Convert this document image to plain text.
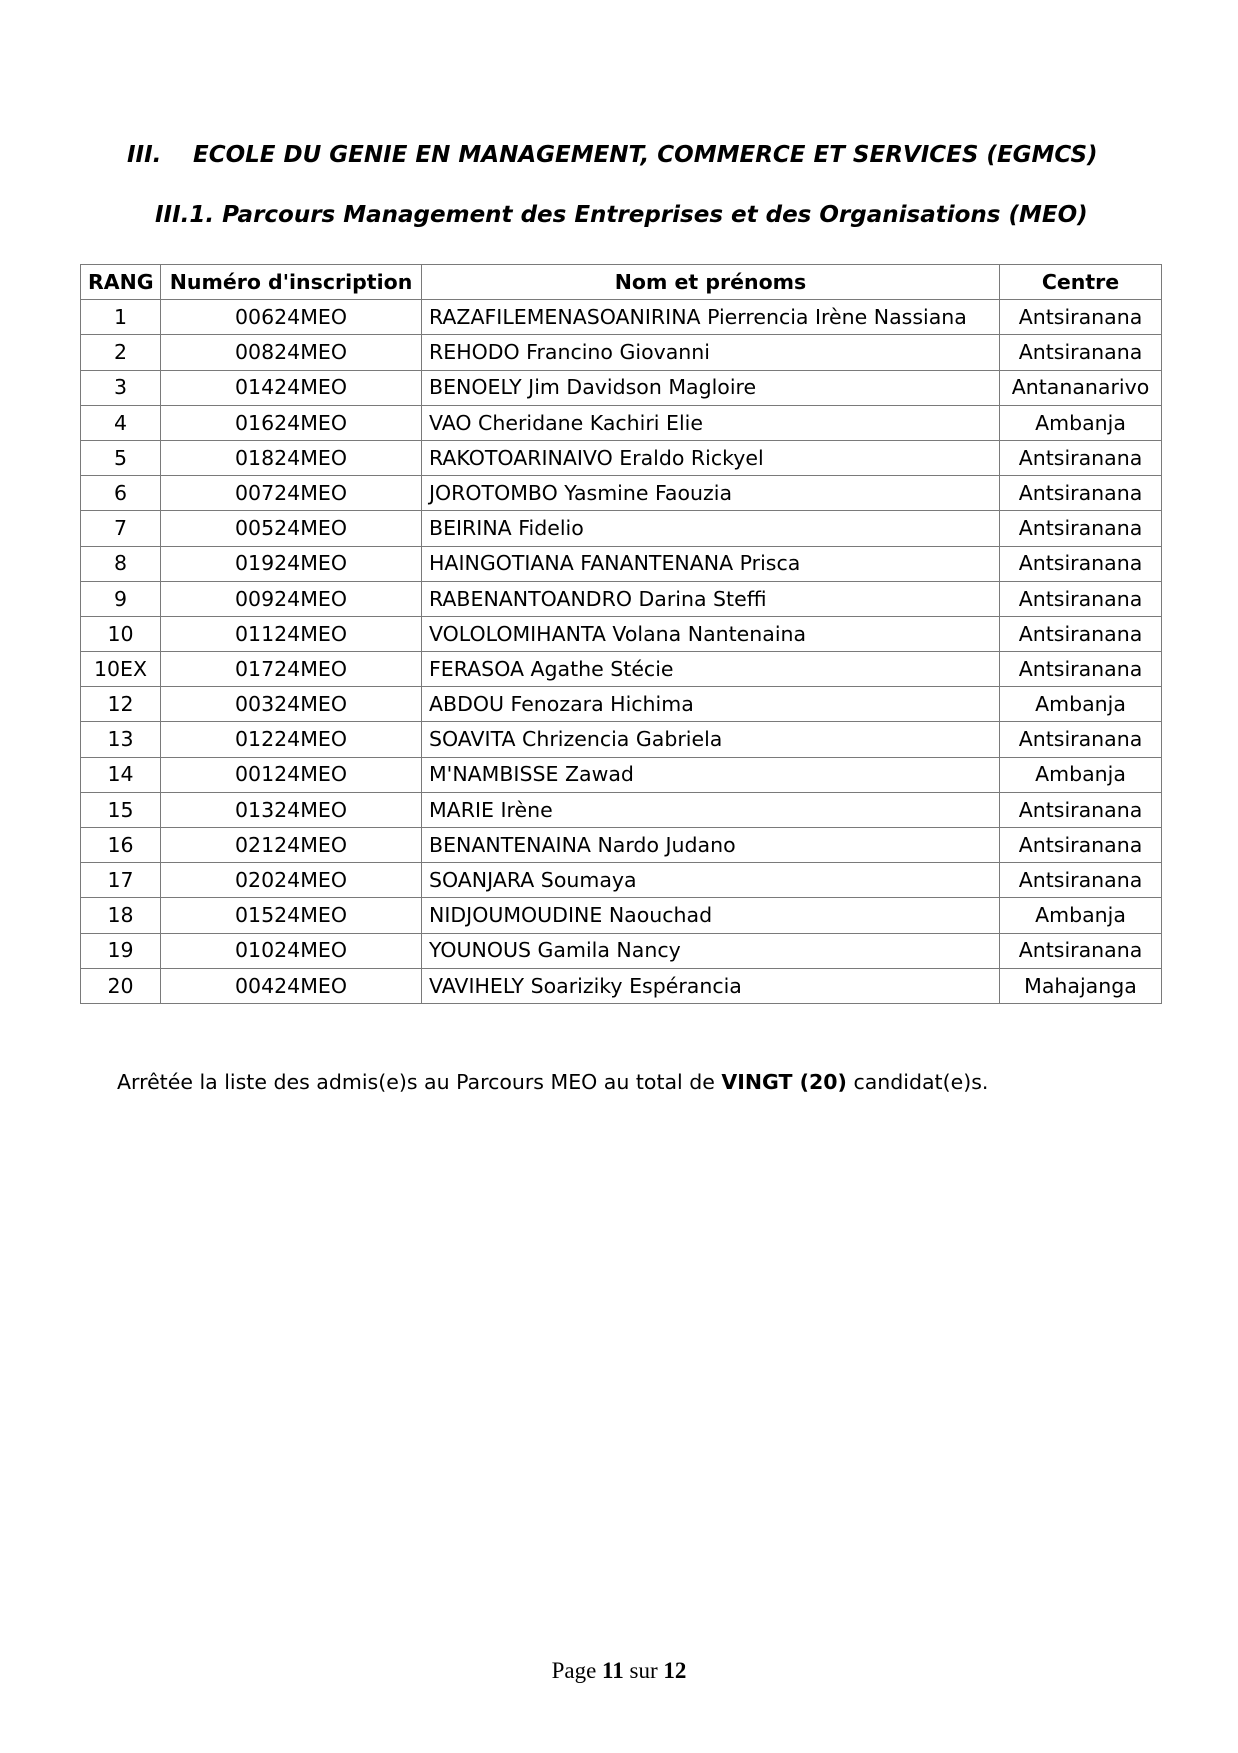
III. ECOLE DU GENIE EN MANAGEMENT, COMMERCE ET SERVICES (EGMCS)
III.1. Parcours Management des Entreprises et des Organisations (MEO)
RANG	Numéro d'inscription	Nom et prénoms	Centre
1	00624MEO	RAZAFILEMENASOANIRINA Pierrencia Irène Nassiana	Antsiranana
2	00824MEO	REHODO Francino Giovanni	Antsiranana
3	01424MEO	BENOELY Jim Davidson Magloire	Antananarivo
4	01624MEO	VAO Cheridane Kachiri Elie	Ambanja
5	01824MEO	RAKOTOARINAIVO Eraldo Rickyel	Antsiranana
6	00724MEO	JOROTOMBO Yasmine Faouzia	Antsiranana
7	00524MEO	BEIRINA Fidelio	Antsiranana
8	01924MEO	HAINGOTIANA FANANTENANA Prisca	Antsiranana
9	00924MEO	RABENANTOANDRO Darina Steffi	Antsiranana
10	01124MEO	VOLOLOMIHANTA Volana Nantenaina	Antsiranana
10EX	01724MEO	FERASOA Agathe Stécie	Antsiranana
12	00324MEO	ABDOU Fenozara Hichima	Ambanja
13	01224MEO	SOAVITA Chrizencia Gabriela	Antsiranana
14	00124MEO	M'NAMBISSE Zawad	Ambanja
15	01324MEO	MARIE Irène	Antsiranana
16	02124MEO	BENANTENAINA Nardo Judano	Antsiranana
17	02024MEO	SOANJARA Soumaya	Antsiranana
18	01524MEO	NIDJOUMOUDINE Naouchad	Ambanja
19	01024MEO	YOUNOUS Gamila Nancy	Antsiranana
20	00424MEO	VAVIHELY Soariziky Espérancia	Mahajanga
Arrêtée la liste des admis(e)s au Parcours MEO au total de VINGT (20) candidat(e)s.
Page 11 sur 12
